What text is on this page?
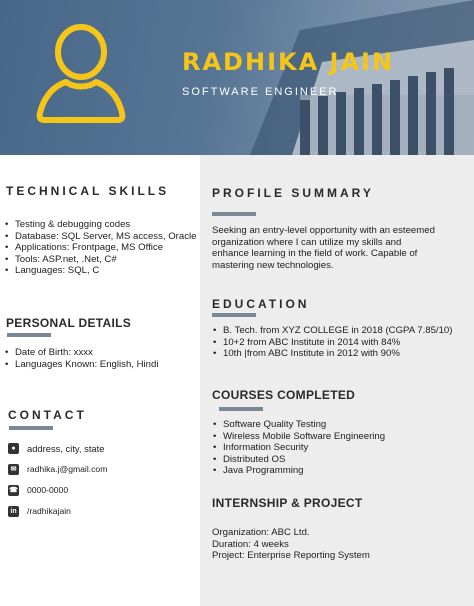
RADHIKA JAIN
SOFTWARE ENGINEER
TECHNICAL SKILLS
• Testing & debugging codes
• Database: SQL Server, MS access, Oracle
• Applications: Frontpage, MS Office
• Tools: ASP.net, .Net, C#
• Languages: SQL, C
PERSONAL DETAILS
• Date of Birth: xxxx
• Languages Known: English, Hindi
CONTACT
●	address, city, state
✉ radhika.j@gmail.com
☎ 0000-0000
in /radhikajain
PROFILE SUMMARY
Seeking an entry-level opportunity with an esteemed
organization where I can utilize my skills and
enhance learning in the field of work. Capable of
mastering new technologies.
EDUCATION
• B. Tech. from XYZ COLLEGE in 2018 (CGPA 7.85/10)
• 10+2 from ABC Institute in 2014 with 84%
• 10th |from ABC Institute in 2012 with 90%
COURSES COMPLETED
• Software Quality Testing
• Wireless Mobile Software Engineering
• Information Security
• Distributed OS
• Java Programming
INTERNSHIP & PROJECT
Organization: ABC Ltd.
Duration: 4 weeks
Project: Enterprise Reporting System
